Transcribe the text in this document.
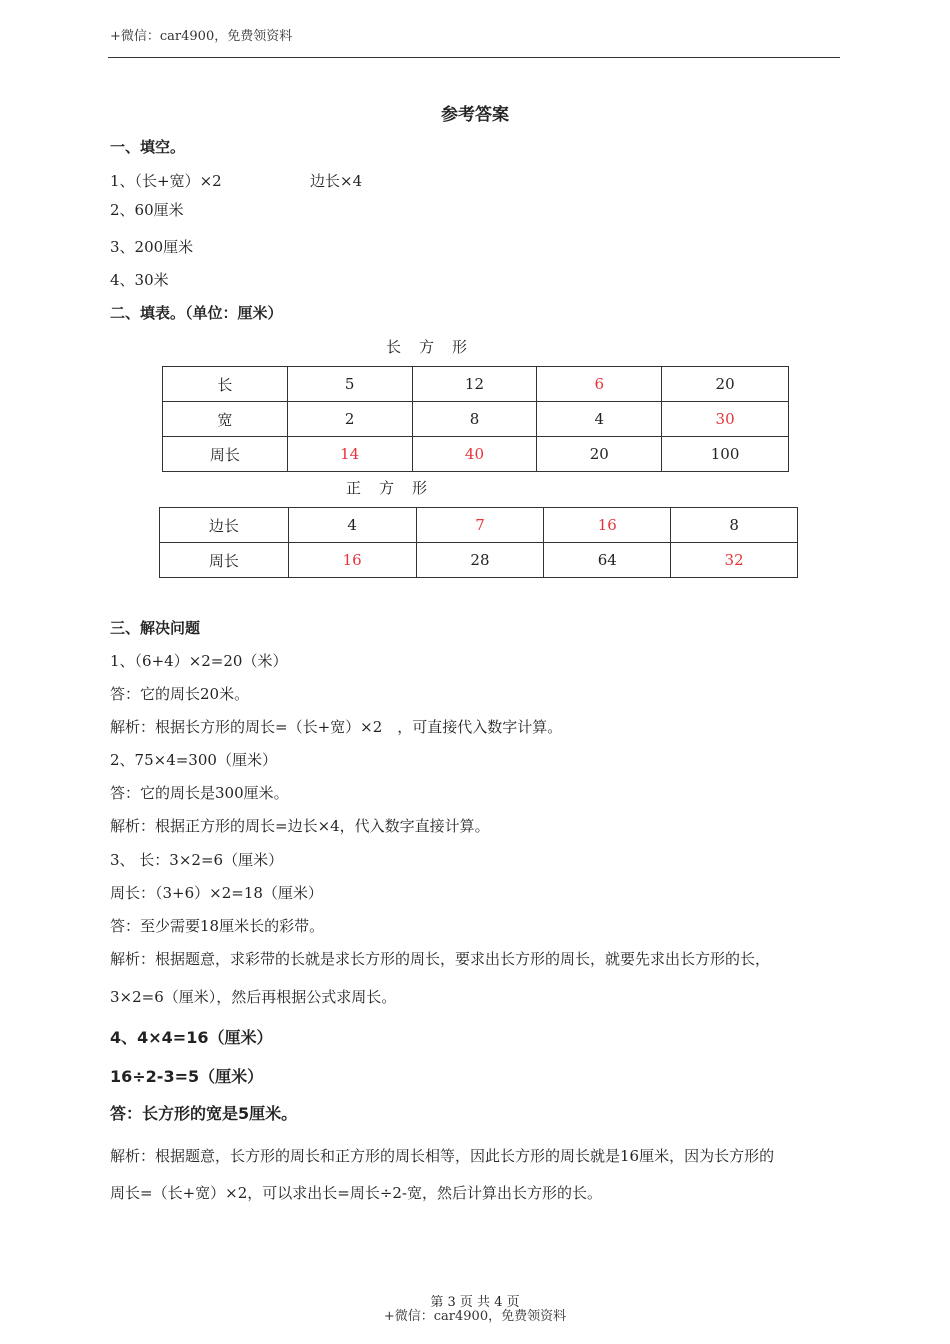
+微信：car4900，免费领资料
参考答案
一、填空。
1、（长+宽）×2	边长×4
2、60厘米
3、200厘米
4、30米
二、填表。（单位：厘米）
长方形
长	5	12	6	20
宽	2	8	4	30
周长	14	40	20	100
正方形
边长	4	7	16	8
周长	16	28	64	32
三、解决问题
1、（6+4）×2=20（米）
答：它的周长20米。
解析：根据长方形的周长=（长+宽）×2　，可直接代入数字计算。
2、75×4=300（厘米）
答：它的周长是300厘米。
解析：根据正方形的周长=边长×4，代入数字直接计算。
3、 长：3×2=6（厘米）
周长：（3+6）×2=18（厘米）
答：至少需要18厘米长的彩带。
解析：根据题意，求彩带的长就是求长方形的周长，要求出长方形的周长，就要先求出长方形的长，
3×2=6（厘米），然后再根据公式求周长。
4、4×4=16（厘米）
16÷2-3=5（厘米）
答：长方形的宽是5厘米。
解析：根据题意，长方形的周长和正方形的周长相等，因此长方形的周长就是16厘米，因为长方形的
周长=（长+宽）×2，可以求出长=周长÷2-宽，然后计算出长方形的长。
第 3 页 共 4 页
+微信：car4900，免费领资料
